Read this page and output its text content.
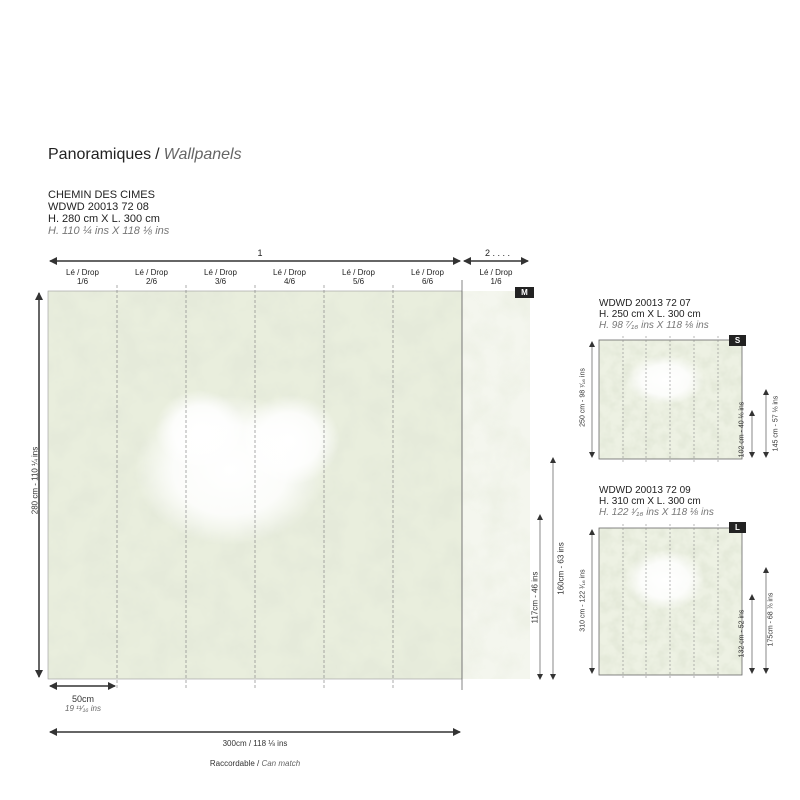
Panoramiques / Wallpanels
CHEMIN DES CIMES
WDWD 20013 72 08
H. 280 cm X L. 300 cm
H. 110 ¼ ins X 118 ⅛ ins
1	2 . . . .
Lé / Drop
1/6
Lé / Drop
2/6
Lé / Drop
3/6
Lé / Drop
4/6
Lé / Drop
5/6
Lé / Drop
6/6
Lé / Drop
1/6
M
280 cm - 110 ¼ ins
117cm - 46 ins
160cm - 63 ins
50cm
19 ¹¹⁄₁₆ ins
300cm / 118 ⅛ ins
Raccordable / Can match
WDWD 20013 72 07
H. 250 cm X L. 300 cm
H. 98 ⁷⁄₁₆ ins X 118 ⅛ ins
S
250 cm - 98 ⁷⁄₁₆ ins
102 cm - 40 ⅛ ins	145 cm - 57 ⅛ ins
WDWD 20013 72 09
H. 310 cm X L. 300 cm
H. 122 ¹⁄₁₆ ins X 118 ⅛ ins
L
310 cm - 122 ¹⁄₁₆ ins
132 cm - 52 ins	175cm - 68 ⅞ ins
